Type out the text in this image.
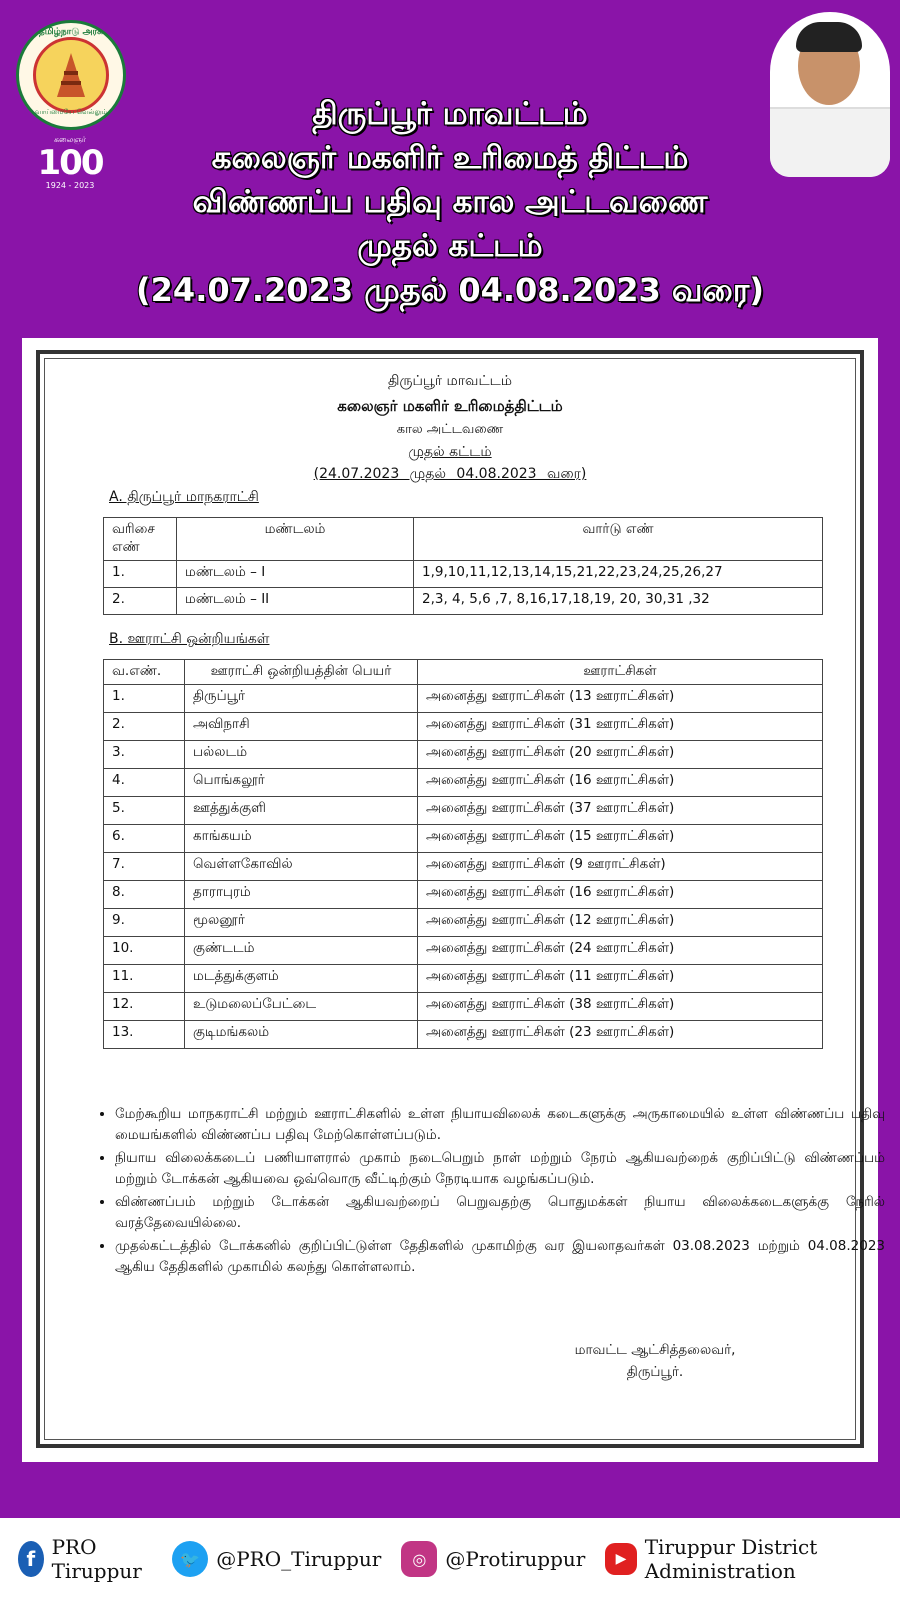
தமிழ்நாடு அரசு
வாய்மையே வெல்லும்
கலைஞர்
100
1924 - 2023
திருப்பூர் மாவட்டம்
கலைஞர் மகளிர் உரிமைத் திட்டம்
விண்ணப்ப பதிவு கால அட்டவணை
முதல் கட்டம்
(24.07.2023 முதல் 04.08.2023 வரை)
திருப்பூர் மாவட்டம்
கலைஞர் மகளிர் உரிமைத்திட்டம்
கால அட்டவணை
முதல் கட்டம்
(24.07.2023 முதல் 04.08.2023 வரை)
A. திருப்பூர் மாநகராட்சி
வரிசை எண்	மண்டலம்	வார்டு எண்
1.	மண்டலம் – I	1,9,10,11,12,13,14,15,21,22,23,24,25,26,27
2.	மண்டலம் – II	2,3, 4, 5,6 ,7, 8,16,17,18,19, 20, 30,31 ,32
B. ஊராட்சி ஒன்றியங்கள்
வ.எண்.	ஊராட்சி ஒன்றியத்தின் பெயர்	ஊராட்சிகள்
1.	திருப்பூர்	அனைத்து ஊராட்சிகள் (13 ஊராட்சிகள்)
2.	அவிநாசி	அனைத்து ஊராட்சிகள் (31 ஊராட்சிகள்)
3.	பல்லடம்	அனைத்து ஊராட்சிகள் (20 ஊராட்சிகள்)
4.	பொங்கலூர்	அனைத்து ஊராட்சிகள் (16 ஊராட்சிகள்)
5.	ஊத்துக்குளி	அனைத்து ஊராட்சிகள் (37 ஊராட்சிகள்)
6.	காங்கயம்	அனைத்து ஊராட்சிகள் (15 ஊராட்சிகள்)
7.	வெள்ளகோவில்	அனைத்து ஊராட்சிகள் (9 ஊராட்சிகள்)
8.	தாராபுரம்	அனைத்து ஊராட்சிகள் (16 ஊராட்சிகள்)
9.	மூலனூர்	அனைத்து ஊராட்சிகள் (12 ஊராட்சிகள்)
10.	குண்டடம்	அனைத்து ஊராட்சிகள் (24 ஊராட்சிகள்)
11.	மடத்துக்குளம்	அனைத்து ஊராட்சிகள் (11 ஊராட்சிகள்)
12.	உடுமலைப்பேட்டை	அனைத்து ஊராட்சிகள் (38 ஊராட்சிகள்)
13.	குடிமங்கலம்	அனைத்து ஊராட்சிகள் (23 ஊராட்சிகள்)
• மேற்கூறிய மாநகராட்சி மற்றும் ஊராட்சிகளில் உள்ள நியாயவிலைக் கடைகளுக்கு அருகாமையில் உள்ள விண்ணப்ப பதிவு மையங்களில் விண்ணப்ப பதிவு மேற்கொள்ளப்படும்.
• நியாய விலைக்கடைப் பணியாளரால் முகாம் நடைபெறும் நாள் மற்றும் நேரம் ஆகியவற்றைக் குறிப்பிட்டு விண்ணப்பம் மற்றும் டோக்கன் ஆகியவை ஒவ்வொரு வீட்டிற்கும் நேரடியாக வழங்கப்படும்.
• விண்ணப்பம் மற்றும் டோக்கன் ஆகியவற்றைப் பெறுவதற்கு பொதுமக்கள் நியாய விலைக்கடைகளுக்கு நேரில் வரத்தேவையில்லை.
• முதல்கட்டத்தில் டோக்கனில் குறிப்பிட்டுள்ள தேதிகளில் முகாமிற்கு வர இயலாதவர்கள் 03.08.2023 மற்றும் 04.08.2023 ஆகிய தேதிகளில் முகாமில் கலந்து கொள்ளலாம்.
மாவட்ட ஆட்சித்தலைவர்,
திருப்பூர்.
f PRO Tiruppur	🐦 @PRO_Tiruppur	◎ @Protiruppur	▶ Tiruppur District Administration
